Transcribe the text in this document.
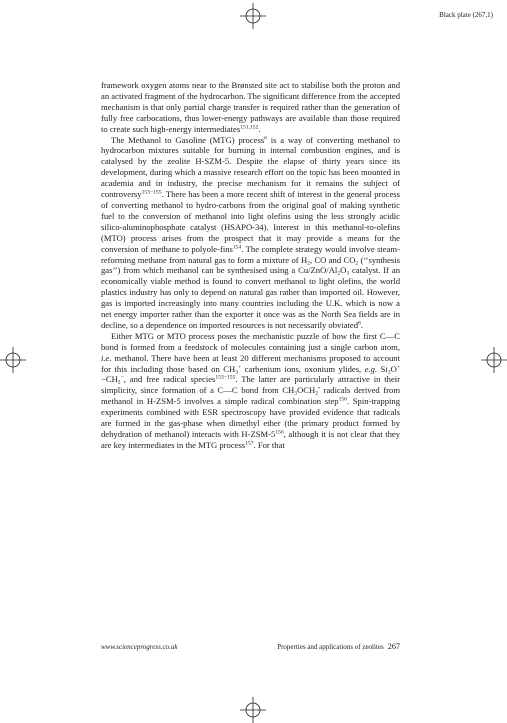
Black plate (267,1)

framework oxygen atoms near to the Brønsted site act to stabilise both the proton and an activated fragment of the hydrocarbon. The significant difference from the accepted mechanism is that only partial charge transfer is required rather than the generation of fully free carbocations, thus lower-energy pathways are available than those required to create such high-energy intermediates$^{151,152}$.

The Methanol to Gasoline (MTG) process$^6$ is a way of converting methanol to hydrocarbon mixtures suitable for burning in internal combustion engines, and is catalysed by the zeolite H-SZM-5. Despite the elapse of thirty years since its development, during which a massive research effort on the topic has been mounted in academia and in industry, the precise mechanism for it remains the subject of controversy$^{153-155}$. There has been a more recent shift of interest in the general process of converting methanol to hydro-carbons from the original goal of making synthetic fuel to the conversion of methanol into light olefins using the less strongly acidic silico-aluminophosphate catalyst (HSAPO-34). Interest in this methanol-to-olefins (MTO) process arises from the prospect that it may provide a means for the conversion of methane to polyole-fins$^{154}$. The complete strategy would involve steam-reforming methane from natural gas to form a mixture of $H_2$, CO and $CO_2$ (‘‘synthesis gas’’) from which methanol can be synthesised using a $Cu/ZnO/Al_2O_3$ catalyst. If an economically viable method is found to convert methanol to light olefins, the world plastics industry has only to depend on natural gas rather than imported oil. However, gas is imported increasingly into many countries including the U.K. which is now a net energy importer rather than the exporter it once was as the North Sea fields are in decline, so a dependence on imported resources is not necessarily obviated$^8$.

Either MTG or MTO process poses the mechanistic puzzle of how the first C—C bond is formed from a feedstock of molecules containing just a single carbon atom, i.e. methanol. There have been at least 20 different mechanisms proposed to account for this including those based on $CH_3^+$ carbenium ions, oxonium ylides, e.g. $Si_2O^+-CH_2^-$, and free radical species$^{153-155}$. The latter are particularly attractive in their simplicity, since formation of a C—C bond from $CH_3OCH_2^•$ radicals derived from methanol in H-ZSM-5 involves a simple radical combination step$^{156}$. Spin-trapping experiments combined with ESR spectroscopy have provided evidence that radicals are formed in the gas-phase when dimethyl ether (the primary product formed by dehydration of methanol) interacts with $H-ZSM-5^{156}$, although it is not clear that they are key intermediates in the MTG process$^{157}$. For that

www.scienceprogress.co.uk	Properties and applications of zeolites 267
